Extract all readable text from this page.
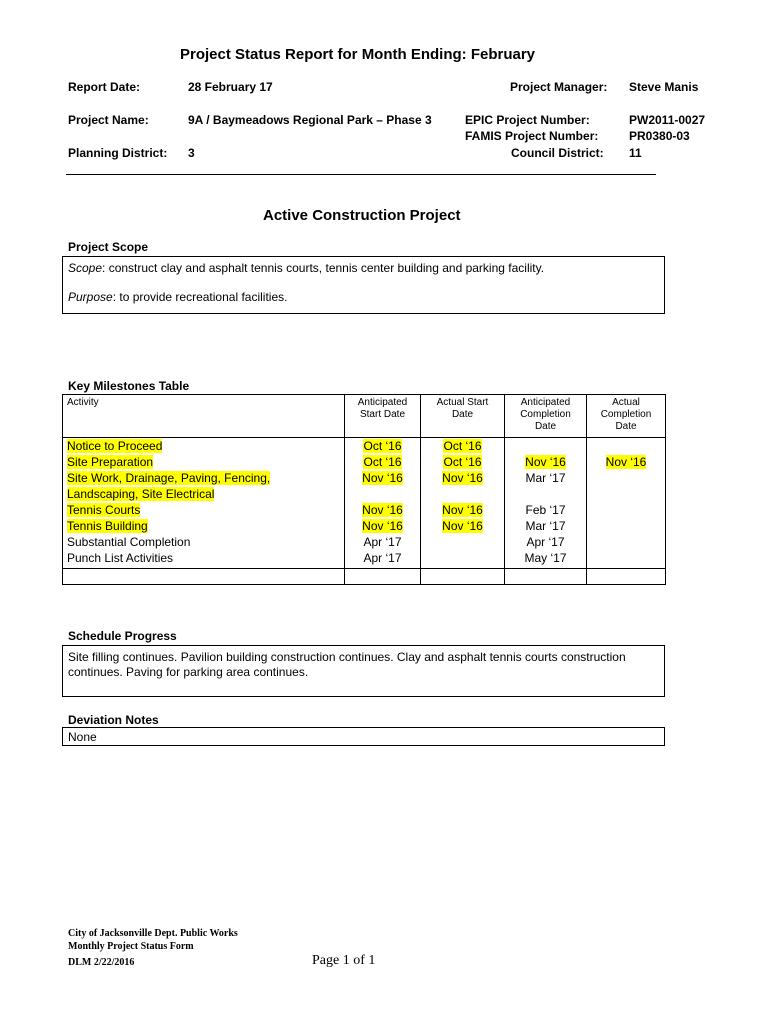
Project Status Report for Month Ending: February
Report Date:	28 February 17	Project Manager: Steve Manis
Project Name:	9A / Baymeadows Regional Park – Phase 3	EPIC Project Number:	PW2011-0027
FAMIS Project Number:	PR0380-03
Planning District: 3	Council District: 11
Active Construction Project
Project Scope
Scope: construct clay and asphalt tennis courts, tennis center building and parking facility.
Purpose: to provide recreational facilities.
Key Milestones Table
Activity	Anticipated Start Date	Actual Start Date	Anticipated Completion Date	Actual Completion Date
Notice to Proceed	Oct ‘16	Oct ‘16		
Site Preparation	Oct ‘16	Oct ‘16	Nov ‘16	Nov ‘16
Site Work, Drainage, Paving, Fencing, Landscaping, Site Electrical	Nov ‘16	Nov ‘16	Mar ‘17	
Tennis Courts	Nov ‘16	Nov ‘16	Feb ‘17	
Tennis Building	Nov ‘16	Nov ‘16	Mar ‘17	
Substantial Completion	Apr ‘17		Apr ‘17	
Punch List Activities	Apr ‘17		May ‘17	

Schedule Progress
Site filling continues. Pavilion building construction continues. Clay and asphalt tennis courts construction continues. Paving for parking area continues.
Deviation Notes
None
City of Jacksonville Dept. Public Works
Monthly Project Status Form
DLM 2/22/2016	Page 1 of 1
